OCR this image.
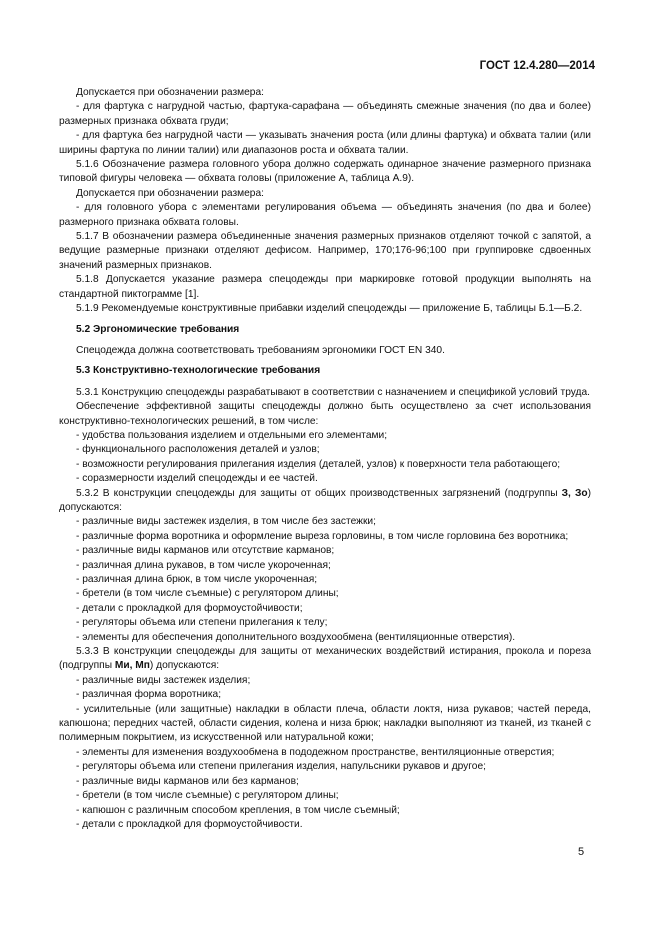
ГОСТ 12.4.280—2014

Допускается при обозначении размера:

- для фартука с нагрудной частью, фартука-сарафана — объединять смежные значения (по два и более) размерных признака обхвата груди;

- для фартука без нагрудной части — указывать значения роста (или длины фартука) и обхвата талии (или ширины фартука по линии талии) или диапазонов роста и обхвата талии.

5.1.6 Обозначение размера головного убора должно содержать одинарное значение размерного признака типовой фигуры человека — обхвата головы (приложение А, таблица А.9).

Допускается при обозначении размера:

- для головного убора с элементами регулирования объема — объединять значения (по два и более) размерного признака обхвата головы.

5.1.7 В обозначении размера объединенные значения размерных признаков отделяют точкой с запятой, а ведущие размерные признаки отделяют дефисом. Например, 170;176-96;100 при группировке сдвоенных значений размерных признаков.

5.1.8 Допускается указание размера спецодежды при маркировке готовой продукции выполнять на стандартной пиктограмме [1].

5.1.9 Рекомендуемые конструктивные прибавки изделий спецодежды — приложение Б, таблицы Б.1—Б.2.

5.2 Эргономические требования

Спецодежда должна соответствовать требованиям эргономики ГОСТ EN 340.

5.3 Конструктивно-технологические требования

5.3.1 Конструкцию спецодежды разрабатывают в соответствии с назначением и спецификой условий труда.

Обеспечение эффективной защиты спецодежды должно быть осуществлено за счет использования конструктивно-технологических решений, в том числе:

- удобства пользования изделием и отдельными его элементами;

- функционального расположения деталей и узлов;

- возможности регулирования прилегания изделия (деталей, узлов) к поверхности тела работающего;

- соразмерности изделий спецодежды и ее частей.

5.3.2 В конструкции спецодежды для защиты от общих производственных загрязнений (подгруппы З, Зо) допускаются:

- различные виды застежек изделия, в том числе без застежки;

- различные форма воротника и оформление выреза горловины, в том числе горловина без воротника;

- различные виды карманов или отсутствие карманов;

- различная длина рукавов, в том числе укороченная;

- различная длина брюк, в том числе укороченная;

- бретели (в том числе съемные) с регулятором длины;

- детали с прокладкой для формоустойчивости;

- регуляторы объема или степени прилегания к телу;

- элементы для обеспечения дополнительного воздухообмена (вентиляционные отверстия).

5.3.3 В конструкции спецодежды для защиты от механических воздействий истирания, прокола и пореза (подгруппы Ми, Мп) допускаются:

- различные виды застежек изделия;

- различная форма воротника;

- усилительные (или защитные) накладки в области плеча, области локтя, низа рукавов; частей переда, капюшона; передних частей, области сидения, колена и низа брюк; накладки выполняют из тканей, из тканей с полимерным покрытием, из искусственной или натуральной кожи;

- элементы для изменения воздухообмена в пододежном пространстве, вентиляционные отверстия;

- регуляторы объема или степени прилегания изделия, напульсники рукавов и другое;

- различные виды карманов или без карманов;

- бретели (в том числе съемные) с регулятором длины;

- капюшон с различным способом крепления, в том числе съемный;

- детали с прокладкой для формоустойчивости.

5
